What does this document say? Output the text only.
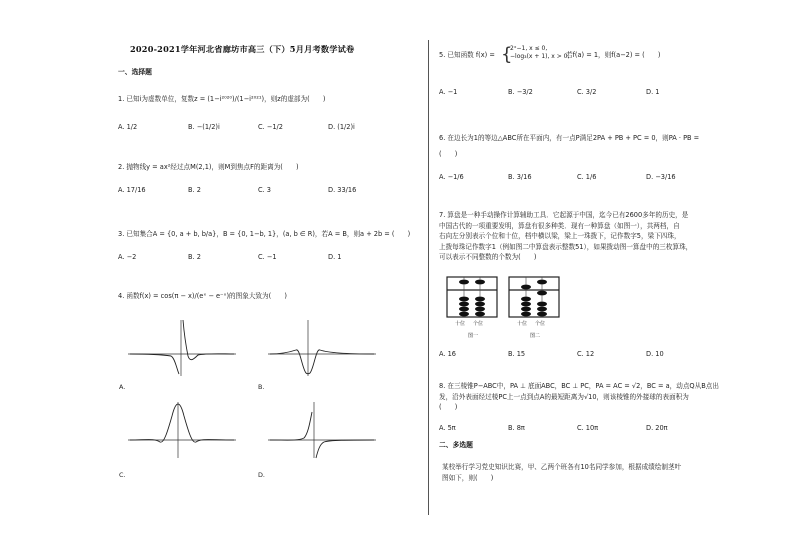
2020-2021学年河北省廊坊市高三（下）5月月考数学试卷
一、选择题
1. 已知i为虚数单位，复数z = (1−i²⁰²⁰)/(1−i²⁰²¹)，则z的虚部为(　　)
A. 1/2	B. −(1/2)i	C. −1/2	D. (1/2)i
2. 抛物线y = ax²经过点M(2,1)，则M到焦点F的距离为(　　)
A. 17/16	B. 2	C. 3	D. 33/16
3. 已知集合A = {0, a + b, b/a}，B = {0, 1−b, 1}，(a, b ∈ R)，若A = B，则a + 2b = (　　)
A. −2	B. 2	C. −1	D. 1
4. 函数f(x) = cos(π − x)/(eˣ − e⁻ˣ)的图象大致为(　　)
A.	B.
C.	D.
5. 已知函数 f(x) = {
2ˣ−1, x ≤ 0,
−log₃(x + 1), x > 0,
若f(a) = 1，则f(a−2) = (　　)
A. −1	B. −3/2	C. 3/2	D. 1
6. 在边长为1的等边△ABC所在平面内，有一点P满足2PA + PB + PC = 0，则PA · PB =
(　　)
A. −1/6	B. 3/16	C. 1/6	D. −3/16
7. 算盘是一种手动操作计算辅助工具．它起源于中国，迄今已有2600多年的历史，是
中国古代的一项重要发明，算盘有很多种类．现有一种算盘（如图一），共两档，自
右向左分别表示个位和十位，档中横以梁，梁上一珠拨下，记作数字5，梁下四珠，
上拨每珠记作数字1（例如图二中算盘表示整数51），如果拨动图一算盘中的三枚算珠，
可以表示不同整数的个数为(　　)
十位 个位
图一
十位 个位
图二
A. 16	B. 15	C. 12	D. 10
8. 在三棱锥P−ABC中，PA ⊥ 底面ABC，BC ⊥ PC，PA = AC = √2，BC = a，动点Q从B点出
发，沿外表面经过棱PC上一点到点A的最短距离为√10，则该棱锥的外接球的表面积为
(　　)
A. 5π	B. 8π	C. 10π	D. 20π
二、多选题
某校举行学习党史知识比赛，甲、乙两个班各有10名同学参加，根据成绩绘制茎叶
图如下，则(　　)
